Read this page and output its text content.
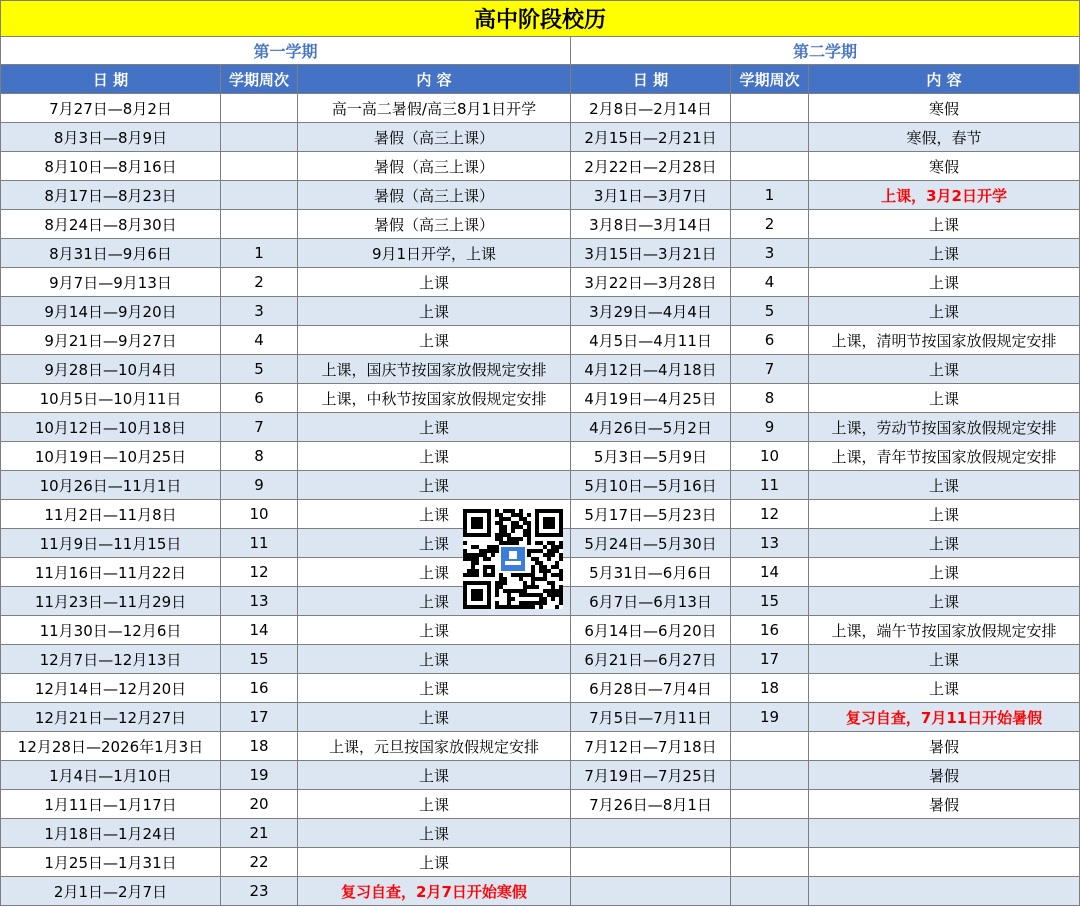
高中阶段校历					
第一学期			第二学期		
日 期	学期周次	内 容	日 期	学期周次	内 容
7月27日—8月2日		高一高二暑假/高三8月1日开学	2月8日—2月14日		寒假
8月3日—8月9日		暑假（高三上课）	2月15日—2月21日		寒假，春节
8月10日—8月16日		暑假（高三上课）	2月22日—2月28日		寒假
8月17日—8月23日		暑假（高三上课）	3月1日—3月7日	1	上课，3月2日开学
8月24日—8月30日		暑假（高三上课）	3月8日—3月14日	2	上课
8月31日—9月6日	1	9月1日开学，上课	3月15日—3月21日	3	上课
9月7日—9月13日	2	上课	3月22日—3月28日	4	上课
9月14日—9月20日	3	上课	3月29日—4月4日	5	上课
9月21日—9月27日	4	上课	4月5日—4月11日	6	上课，清明节按国家放假规定安排
9月28日—10月4日	5	上课，国庆节按国家放假规定安排	4月12日—4月18日	7	上课
10月5日—10月11日	6	上课，中秋节按国家放假规定安排	4月19日—4月25日	8	上课
10月12日—10月18日	7	上课	4月26日—5月2日	9	上课，劳动节按国家放假规定安排
10月19日—10月25日	8	上课	5月3日—5月9日	10	上课，青年节按国家放假规定安排
10月26日—11月1日	9	上课	5月10日—5月16日	11	上课
11月2日—11月8日	10	上课	5月17日—5月23日	12	上课
11月9日—11月15日	11	上课	5月24日—5月30日	13	上课
11月16日—11月22日	12	上课	5月31日—6月6日	14	上课
11月23日—11月29日	13	上课	6月7日—6月13日	15	上课
11月30日—12月6日	14	上课	6月14日—6月20日	16	上课，端午节按国家放假规定安排
12月7日—12月13日	15	上课	6月21日—6月27日	17	上课
12月14日—12月20日	16	上课	6月28日—7月4日	18	上课
12月21日—12月27日	17	上课	7月5日—7月11日	19	复习自查，7月11日开始暑假
12月28日—2026年1月3日	18	上课，元旦按国家放假规定安排	7月12日—7月18日		暑假
1月4日—1月10日	19	上课	7月19日—7月25日		暑假
1月11日—1月17日	20	上课	7月26日—8月1日		暑假
1月18日—1月24日	21	上课			
1月25日—1月31日	22	上课			
2月1日—2月7日	23	复习自查，2月7日开始寒假			
